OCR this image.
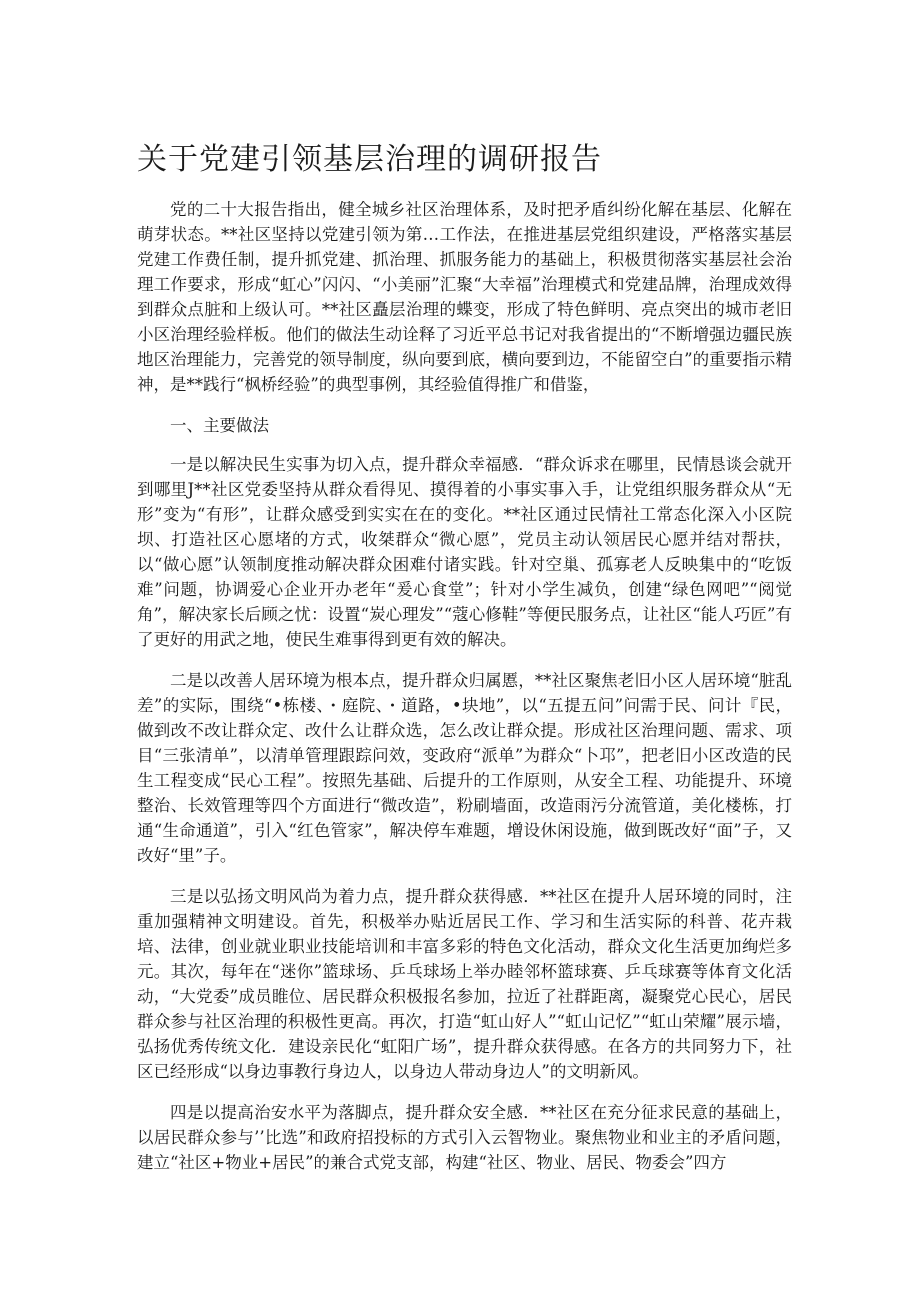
关于党建引领基层治理的调研报告

党的二十大报告指出，健全城乡社区治理体系，及时把矛盾纠纷化解在基层、化解在萌芽状态。**社区坚持以党建引领为第…工作法，在推进基层党组织建设，严格落实基层党建工作费任制，提升抓党建、抓治理、抓服务能力的基础上，积极贯彻落实基层社会治理工作要求，形成“虹心”闪闪、“小美丽”汇聚“大幸福”治理模式和党建品牌，治理成效得到群众点脏和上级认可。**社区矗层治理的蝶变，形成了特色鲜明、亮点突出的城市老旧小区治理经验样板。他们的做法生动诠释了习近平总书记对我省提出的“不断增强边疆民族地区治理能力，完善党的领导制度，纵向要到底，横向要到边，不能留空白”的重要指示精神，是**践行“枫桥经验”的典型事例，其经验值得推广和借鉴，

一、主要做法

一是以解决民生实事为切入点，提升群众幸福感．“群众诉求在哪里，民情恳谈会就开到哪里J**社区党委坚持从群众看得见、摸得着的小事实事入手，让党组织服务群众从“无形”变为“有形”，让群众感受到实实在在的变化。**社区通过民情社工常态化深入小区院坝、打造社区心愿堵的方式，收桀群众“微心愿”，党员主动认领居民心愿并结对帮扶，以“做心愿”认领制度推动解决群众困难付诸实践。针对空巢、孤寡老人反映集中的“吃饭难”问题，协调爱心企业开办老年“爰心食堂”；针对小学生减负，创建“绿色网吧”“阅觉角”，解决家长后顾之忧：设置“炭心理发”“蔻心修鞋”等便民服务点，让社区“能人巧匠”有了更好的用武之地，使民生难事得到更有效的解决。

二是以改善人居环境为根本点，提升群众归属慝，**社区聚焦老旧小区人居环境“脏乱差”的实际，围绕“•栋楼、・庭院、・道路，•块地”，以“五提五问”问需于民、问计『民，做到改不改让群众定、改什么让群众选，怎么改让群众提。形成社区治理问题、需求、项目“三张清单”，以清单管理跟踪问效，变政府“派单”为群众“卜邛”，把老旧小区改造的民生工程变成“民心工程”。按照先基础、后提升的工作原则，从安全工程、功能提升、环境整治、长效管理等四个方面进行“微改造”，粉刷墙面，改造雨污分流管道，美化楼栋，打通“生命通道”，引入“红色管家”，解决停车难题，增设休闲设施，做到既改好“面”子，又改好“里”子。

三是以弘扬文明风尚为着力点，提升群众获得感．**社区在提升人居环境的同时，注重加强精神文明建设。首先，积极举办贴近居民工作、学习和生活实际的科普、花卉栽培、法律，创业就业职业技能培训和丰富多彩的特色文化活动，群众文化生活更加绚烂多元。其次，每年在“迷你”篮球场、乒乓球场上举办睦邻杯篮球赛、乒乓球赛等体育文化活动，“大党委”成员睢位、居民群众积极报名参加，拉近了社群距离，凝聚党心民心，居民群众参与社区治理的积极性更高。再次，打造“虹山好人”“虹山记忆”“虹山荣耀”展示墙，弘扬优秀传统文化．建设亲民化“虹阳广场”，提升群众获得感。在各方的共同努力下，社区已经形成“以身边事教行身边人，以身边人带动身边人”的文明新风。

四是以提高治安水平为落脚点，提升群众安全感．**社区在充分征求民意的基础上，以居民群众参与’’比选”和政府招投标的方式引入云智物业。聚焦物业和业主的矛盾问题，建立“社区+物业+居民”的兼合式党支部，构建“社区、物业、居民、物委会”四方
